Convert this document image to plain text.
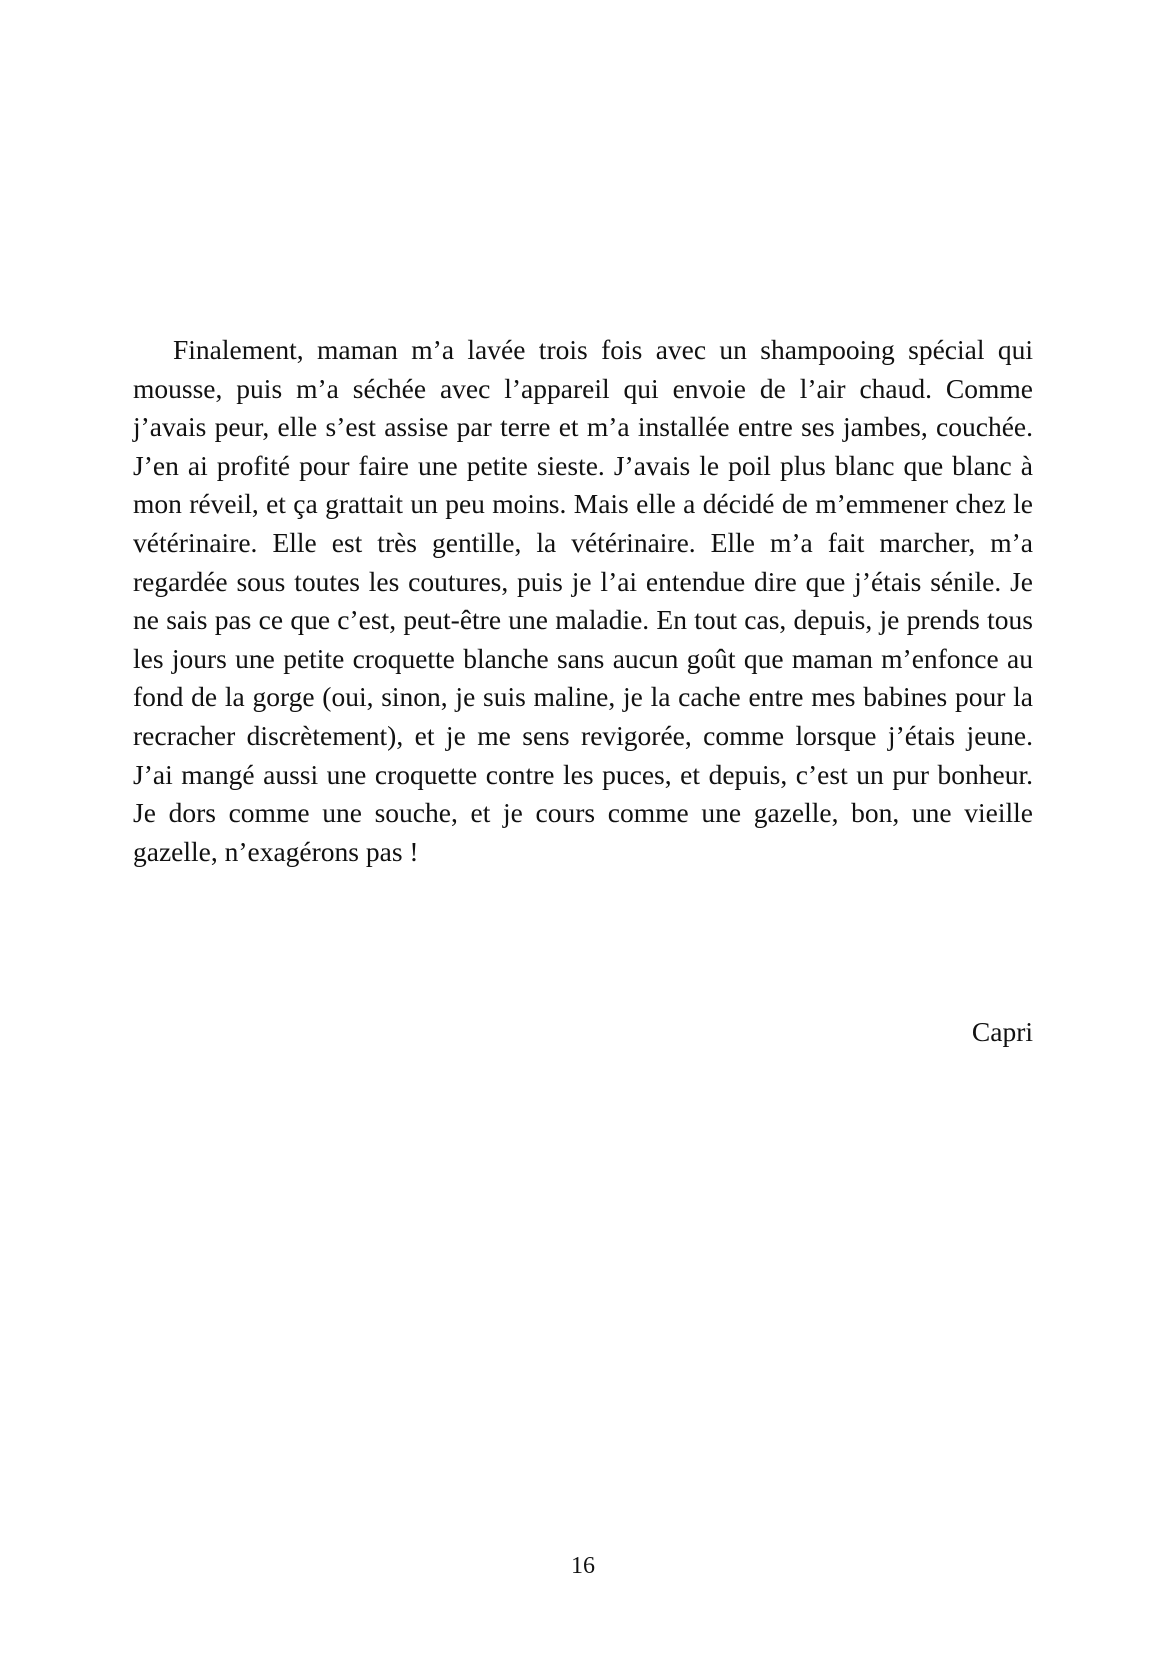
Finalement, maman m’a lavée trois fois avec un shampooing spécial qui mousse, puis m’a séchée avec l’appareil qui envoie de l’air chaud. Comme j’avais peur, elle s’est assise par terre et m’a installée entre ses jambes, couchée. J’en ai profité pour faire une petite sieste. J’avais le poil plus blanc que blanc à mon réveil, et ça grattait un peu moins. Mais elle a décidé de m’emmener chez le vétérinaire. Elle est très gentille, la vétérinaire. Elle m’a fait marcher, m’a regardée sous toutes les coutures, puis je l’ai entendue dire que j’étais sénile. Je ne sais pas ce que c’est, peut-être une maladie. En tout cas, depuis, je prends tous les jours une petite croquette blanche sans aucun goût que maman m’enfonce au fond de la gorge (oui, sinon, je suis maline, je la cache entre mes babines pour la recracher discrètement), et je me sens revigorée, comme lorsque j’étais jeune. J’ai mangé aussi une croquette contre les puces, et depuis, c’est un pur bonheur. Je dors comme une souche, et je cours comme une gazelle, bon, une vieille gazelle, n’exagérons pas !

Capri

16
